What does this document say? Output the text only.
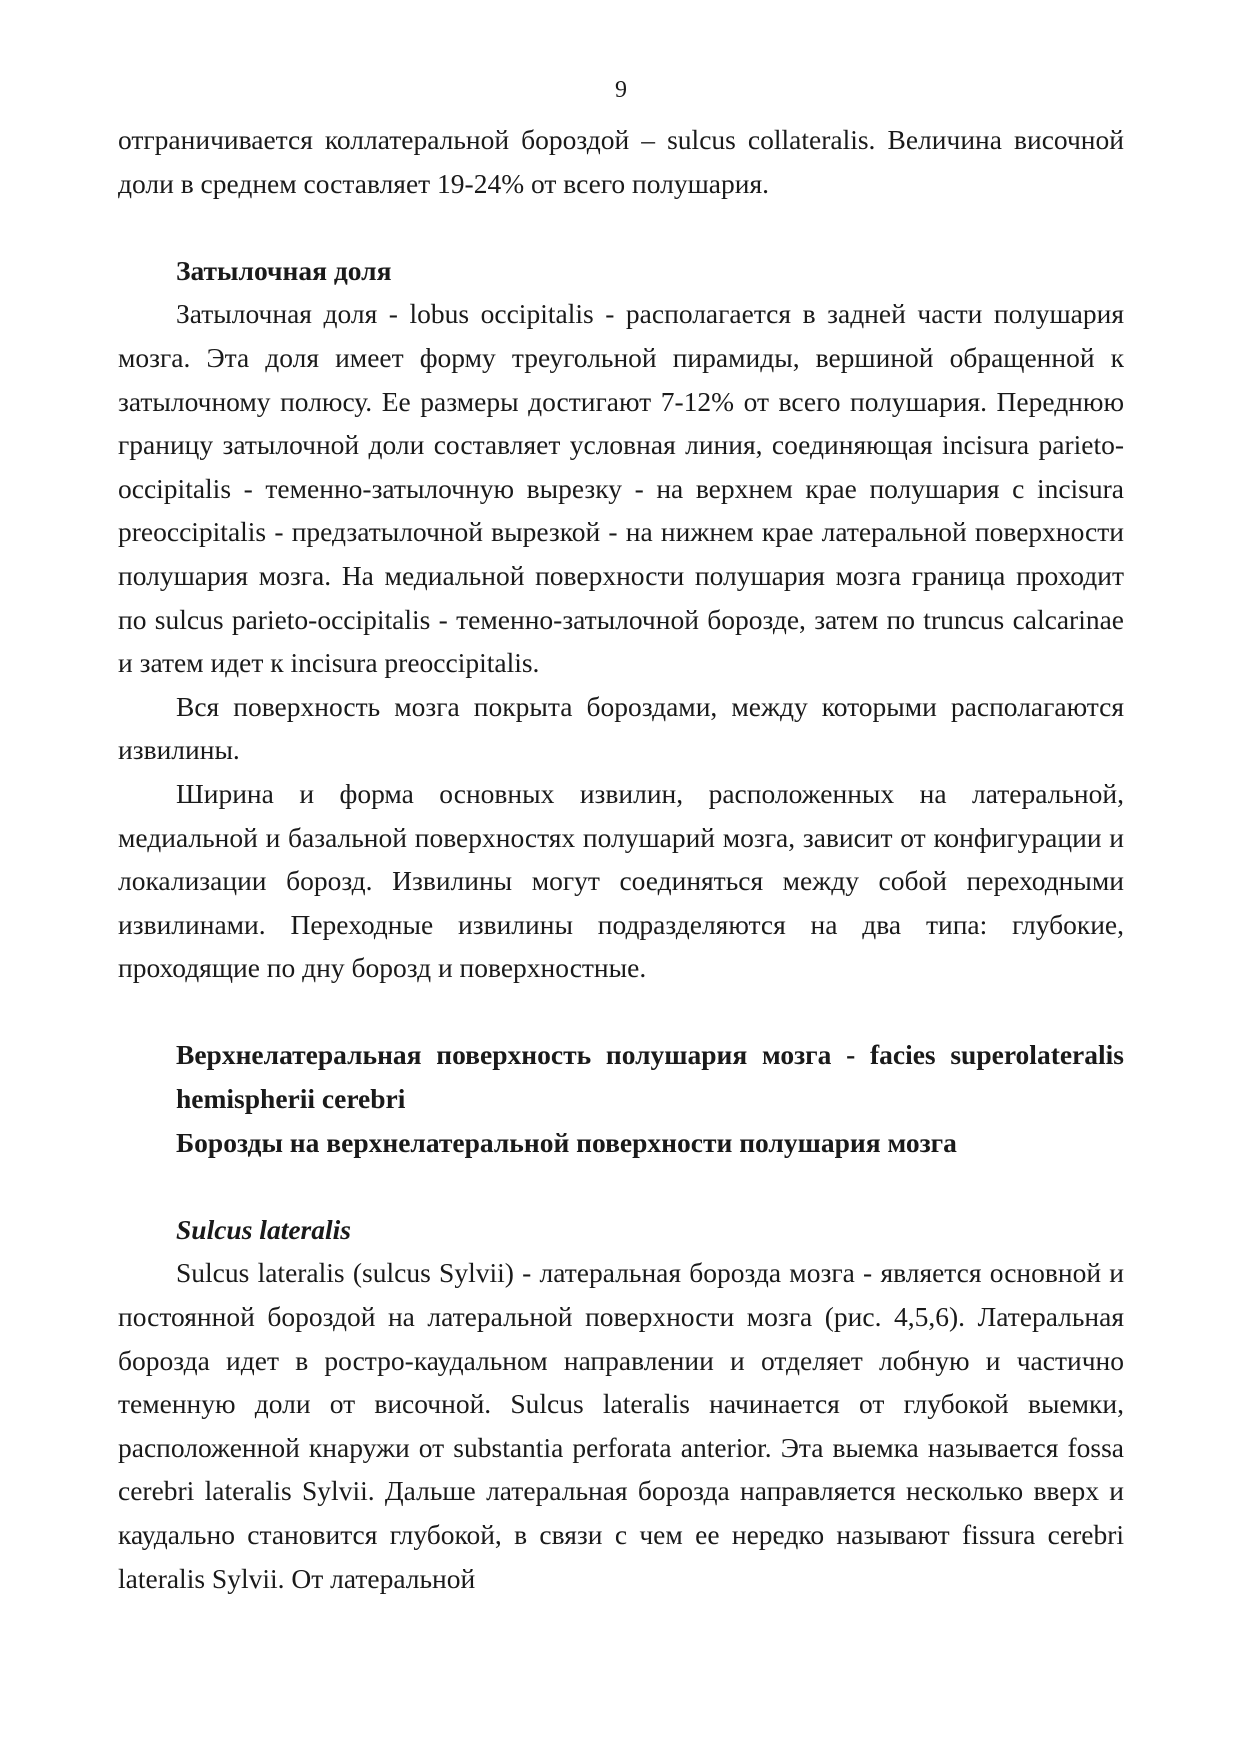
9

отграничивается коллатеральной бороздой – sulcus collateralis. Величина височной доли в среднем составляет 19-24% от всего полушария.

Затылочная доля

Затылочная доля - lobus occipitalis - располагается в задней части полушария мозга. Эта доля имеет форму треугольной пирамиды, вершиной обращенной к затылочному полюсу. Ее размеры достигают 7-12% от всего полушария. Переднюю границу затылочной доли составляет условная линия, соединяющая incisura parieto-occipitalis - теменно-затылочную вырезку - на верхнем крае полушария с incisura preoccipitalis - предзатылочной вырезкой - на нижнем крае латеральной поверхности полушария мозга. На медиальной поверхности полушария мозга граница проходит по sulcus parieto-occipitalis - теменно-затылочной борозде, затем по truncus calcarinae и затем идет к incisura preoccipitalis.

Вся поверхность мозга покрыта бороздами, между которыми располагаются извилины.

Ширина и форма основных извилин, расположенных на латеральной, медиальной и базальной поверхностях полушарий мозга, зависит от конфигурации и локализации борозд. Извилины могут соединяться между собой переходными извилинами. Переходные извилины подразделяются на два типа: глубокие, проходящие по дну борозд и поверхностные.

Верхнелатеральная поверхность полушария мозга - facies superolateralis hemispherii cerebri

Борозды на верхнелатеральной поверхности полушария мозга

Sulcus lateralis

Sulcus lateralis (sulcus Sylvii) - латеральная борозда мозга - является основной и постоянной бороздой на латеральной поверхности мозга (рис. 4,5,6). Латеральная борозда идет в ростро-каудальном направлении и отделяет лобную и частично теменную доли от височной. Sulcus lateralis начинается от глубокой выемки, расположенной кнаружи от substantia perforata anterior. Эта выемка называется fossa cerebri lateralis Sylvii. Дальше латеральная борозда направляется несколько вверх и каудально становится глубокой, в связи с чем ее нередко называют fissura cerebri lateralis Sylvii. От латеральной
